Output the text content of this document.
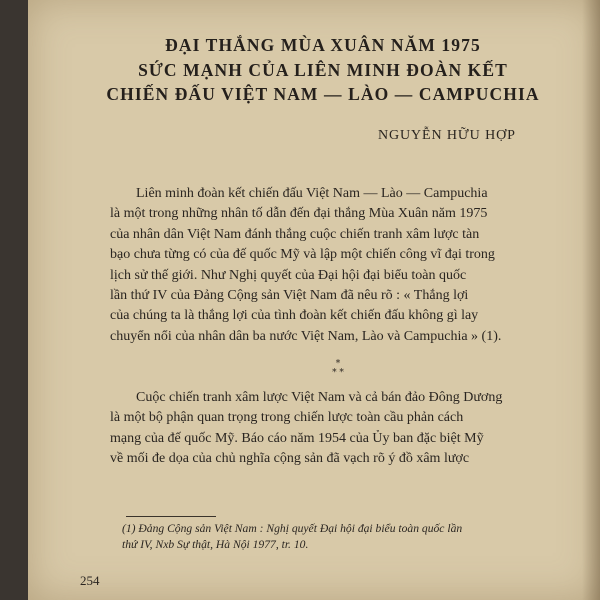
ĐẠI THẮNG MÙA XUÂN NĂM 1975
SỨC MẠNH CỦA LIÊN MINH ĐOÀN KẾT
CHIẾN ĐẤU VIỆT NAM — LÀO — CAMPUCHIA
NGUYỄN HỮU HỢP
Liên minh đoàn kết chiến đấu Việt Nam — Lào — Campuchia
là một trong những nhân tố dẫn đến đại thắng Mùa Xuân năm 1975
của nhân dân Việt Nam đánh thắng cuộc chiến tranh xâm lược tàn
bạo chưa từng có của đế quốc Mỹ và lập một chiến công vĩ đại trong
lịch sử thế giới. Như Nghị quyết của Đại hội đại biểu toàn quốc
lần thứ IV của Đảng Cộng sản Việt Nam đã nêu rõ : « Thắng lợi
của chúng ta là thắng lợi của tình đoàn kết chiến đấu không gì lay
chuyển nổi của nhân dân ba nước Việt Nam, Lào và Campuchia » (1).
*
* *
Cuộc chiến tranh xâm lược Việt Nam và cả bán đảo Đông Dương
là một bộ phận quan trọng trong chiến lược toàn cầu phản cách
mạng của đế quốc Mỹ. Báo cáo năm 1954 của Ủy ban đặc biệt Mỹ
về mối đe dọa của chủ nghĩa cộng sản đã vạch rõ ý đồ xâm lược
(1) Đảng Cộng sản Việt Nam : Nghị quyết Đại hội đại biểu toàn quốc lần
thứ IV, Nxb Sự thật, Hà Nội 1977, tr. 10.
254
